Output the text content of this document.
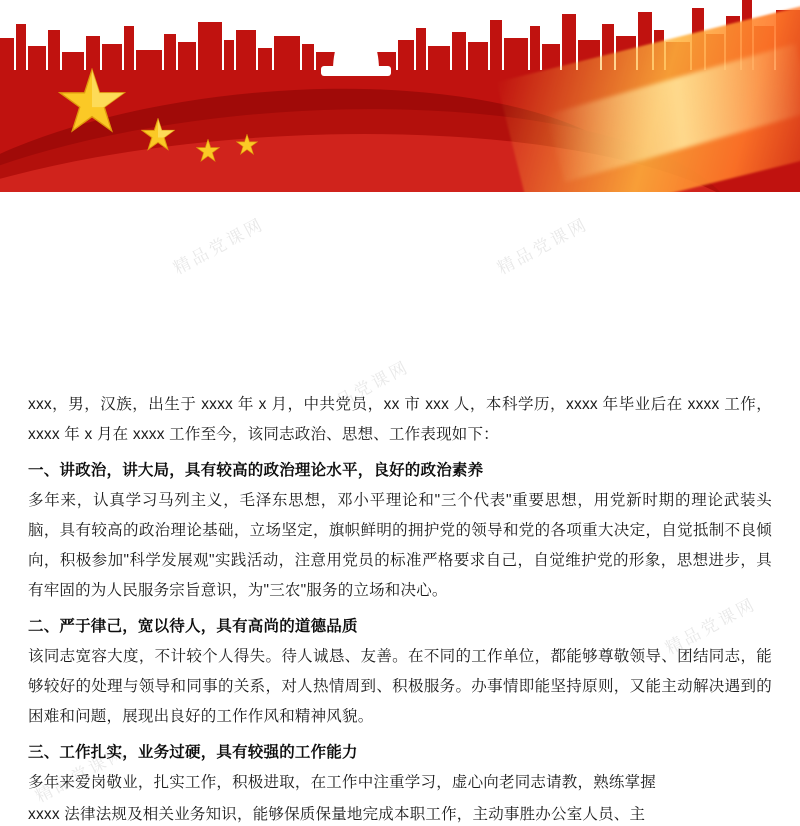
精品党课网	精品党课网
品党课网
精品党课网
精品党课网

xxx，男，汉族，出生于 xxxx 年 x 月，中共党员，xx 市 xxx 人，本科学历，xxxx 年毕业后在 xxxx 工作，xxxx 年 x 月在 xxxx 工作至今，该同志政治、思想、工作表现如下：

一、讲政治，讲大局，具有较高的政治理论水平，良好的政治素养

多年来，认真学习马列主义，毛泽东思想，邓小平理论和"三个代表"重要思想，用党新时期的理论武装头脑，具有较高的政治理论基础，立场坚定，旗帜鲜明的拥护党的领导和党的各项重大决定，自觉抵制不良倾向，积极参加"科学发展观"实践活动，注意用党员的标准严格要求自己，自觉维护党的形象，思想进步，具有牢固的为人民服务宗旨意识，为"三农"服务的立场和决心。

二、严于律己，宽以待人，具有高尚的道德品质

该同志宽容大度，不计较个人得失。待人诚恳、友善。在不同的工作单位，都能够尊敬领导、团结同志，能够较好的处理与领导和同事的关系，对人热情周到、积极服务。办事情即能坚持原则，又能主动解决遇到的困难和问题，展现出良好的工作作风和精神风貌。

三、工作扎实，业务过硬，具有较强的工作能力

多年来爱岗敬业，扎实工作，积极进取，在工作中注重学习，虚心向老同志请教，熟练掌握

xxxx 法律法规及相关业务知识，能够保质保量地完成本职工作，主动事胜办公室人员、主
